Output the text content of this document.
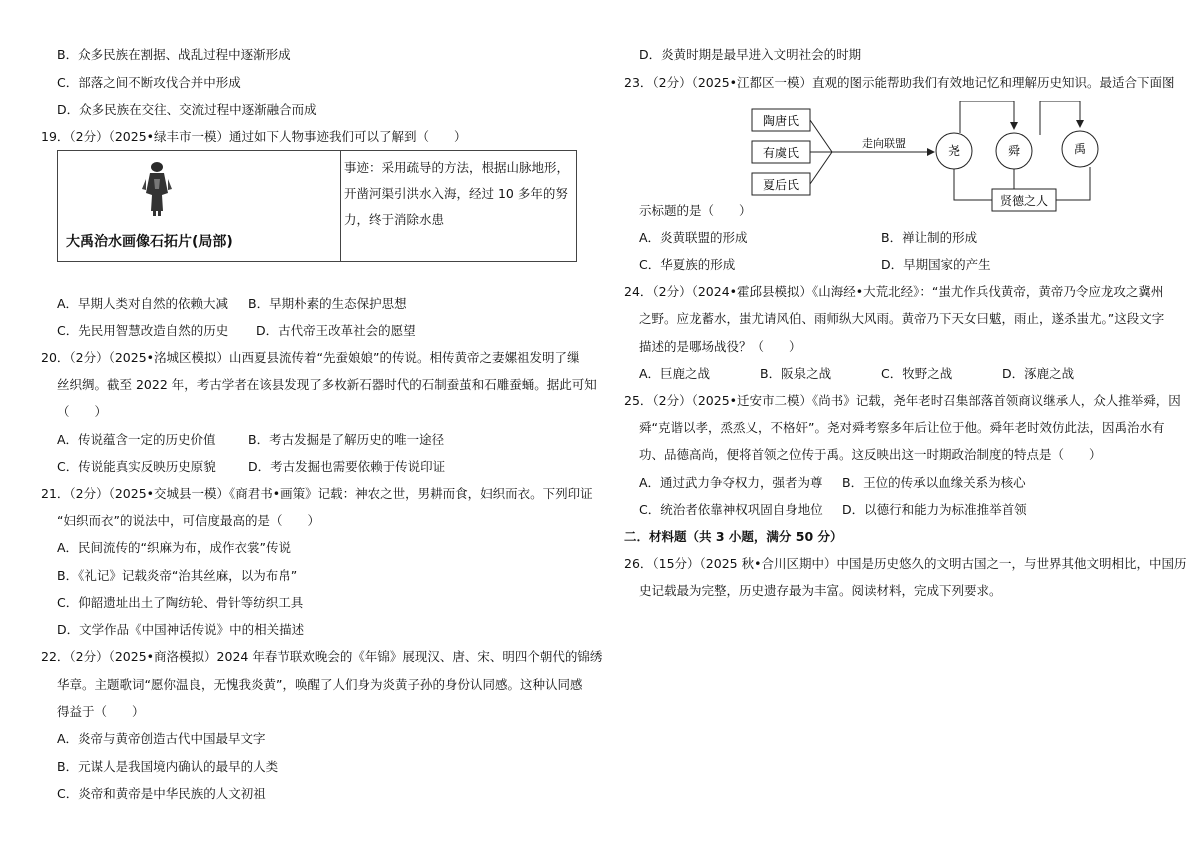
B．众多民族在割据、战乱过程中逐渐形成
C．部落之间不断攻伐合并中形成
D．众多民族在交往、交流过程中逐渐融合而成
19．（2分）（2025•绿丰市一模）通过如下人物事迹我们可以了解到（　　）
大禹治水画像石拓片(局部)
事迹：采用疏导的方法，根据山脉地形，开凿河渠引洪水入海，经过 10 多年的努力，终于消除水患
A．早期人类对自然的依赖大减 B．早期朴素的生态保护思想
C．先民用智慧改造自然的历史 D．古代帝王改革社会的愿望
20．（2分）（2025•洺城区模拟）山西夏县流传着“先蚕娘娘”的传说。相传黄帝之妻嫘祖发明了缫
丝织绸。截至 2022 年，考古学者在该县发现了多枚新石器时代的石制蚕茧和石雕蚕蛹。据此可知
（　　）
A．传说蕴含一定的历史价值	B．考古发掘是了解历史的唯一途径
C．传说能真实反映历史原貌	D．考古发掘也需要依赖于传说印证
21．（2分）（2025•交城县一模）《商君书•画策》记载：神农之世，男耕而食，妇织而衣。下列印证
“妇织而衣”的说法中，可信度最高的是（　　）
A．民间流传的“织麻为布，成作衣裳”传说
B．《礼记》记载炎帝“治其丝麻，以为布帛”
C．仰韶遗址出土了陶纺轮、骨针等纺织工具
D．文学作品《中国神话传说》中的相关描述
22．（2分）（2025•商洛模拟）2024 年春节联欢晚会的《年锦》展现汉、唐、宋、明四个朝代的锦绣
华章。主题歌词“愿你温良，无愧我炎黄”，唤醒了人们身为炎黄子孙的身份认同感。这种认同感
得益于（　　）
A．炎帝与黄帝创造古代中国最早文字
B．元谋人是我国境内确认的最早的人类
C．炎帝和黄帝是中华民族的人文初祖
D．炎黄时期是最早进入文明社会的时期
23．（2分）（2025•江都区一模）直观的图示能帮助我们有效地记忆和理解历史知识。最适合下面图
陶唐氏
有虞氏
夏后氏
走向联盟
尧	舜	禹
贤德之人
示标题的是（　　）
A．炎黄联盟的形成	B．禅让制的形成
C．华夏族的形成	D．早期国家的产生
24．（2分）（2024•霍邱县模拟）《山海经•大荒北经》：“蚩尤作兵伐黄帝，黄帝乃令应龙攻之冀州
之野。应龙蓄水，蚩尤请风伯、雨师纵大风雨。黄帝乃下天女曰魃，雨止，遂杀蚩尤。”这段文字
描述的是哪场战役？（　　）
A．巨鹿之战	B．阪泉之战	C．牧野之战	D．涿鹿之战
25．（2分）（2025•迁安市二模）《尚书》记载，尧年老时召集部落首领商议继承人，众人推举舜，因
舜“克谐以孝，烝烝乂，不格奸”。尧对舜考察多年后让位于他。舜年老时效仿此法，因禹治水有
功、品德高尚，便将首领之位传于禹。这反映出这一时期政治制度的特点是（　　）
A．通过武力争夺权力，强者为尊 B．王位的传承以血缘关系为核心
C．统治者依靠神权巩固自身地位 D．以德行和能力为标准推举首领
二．材料题（共 3 小题，满分 50 分）
26．（15分）（2025 秋•合川区期中）中国是历史悠久的文明古国之一，与世界其他文明相比，中国历
史记载最为完整，历史遗存最为丰富。阅读材料，完成下列要求。
